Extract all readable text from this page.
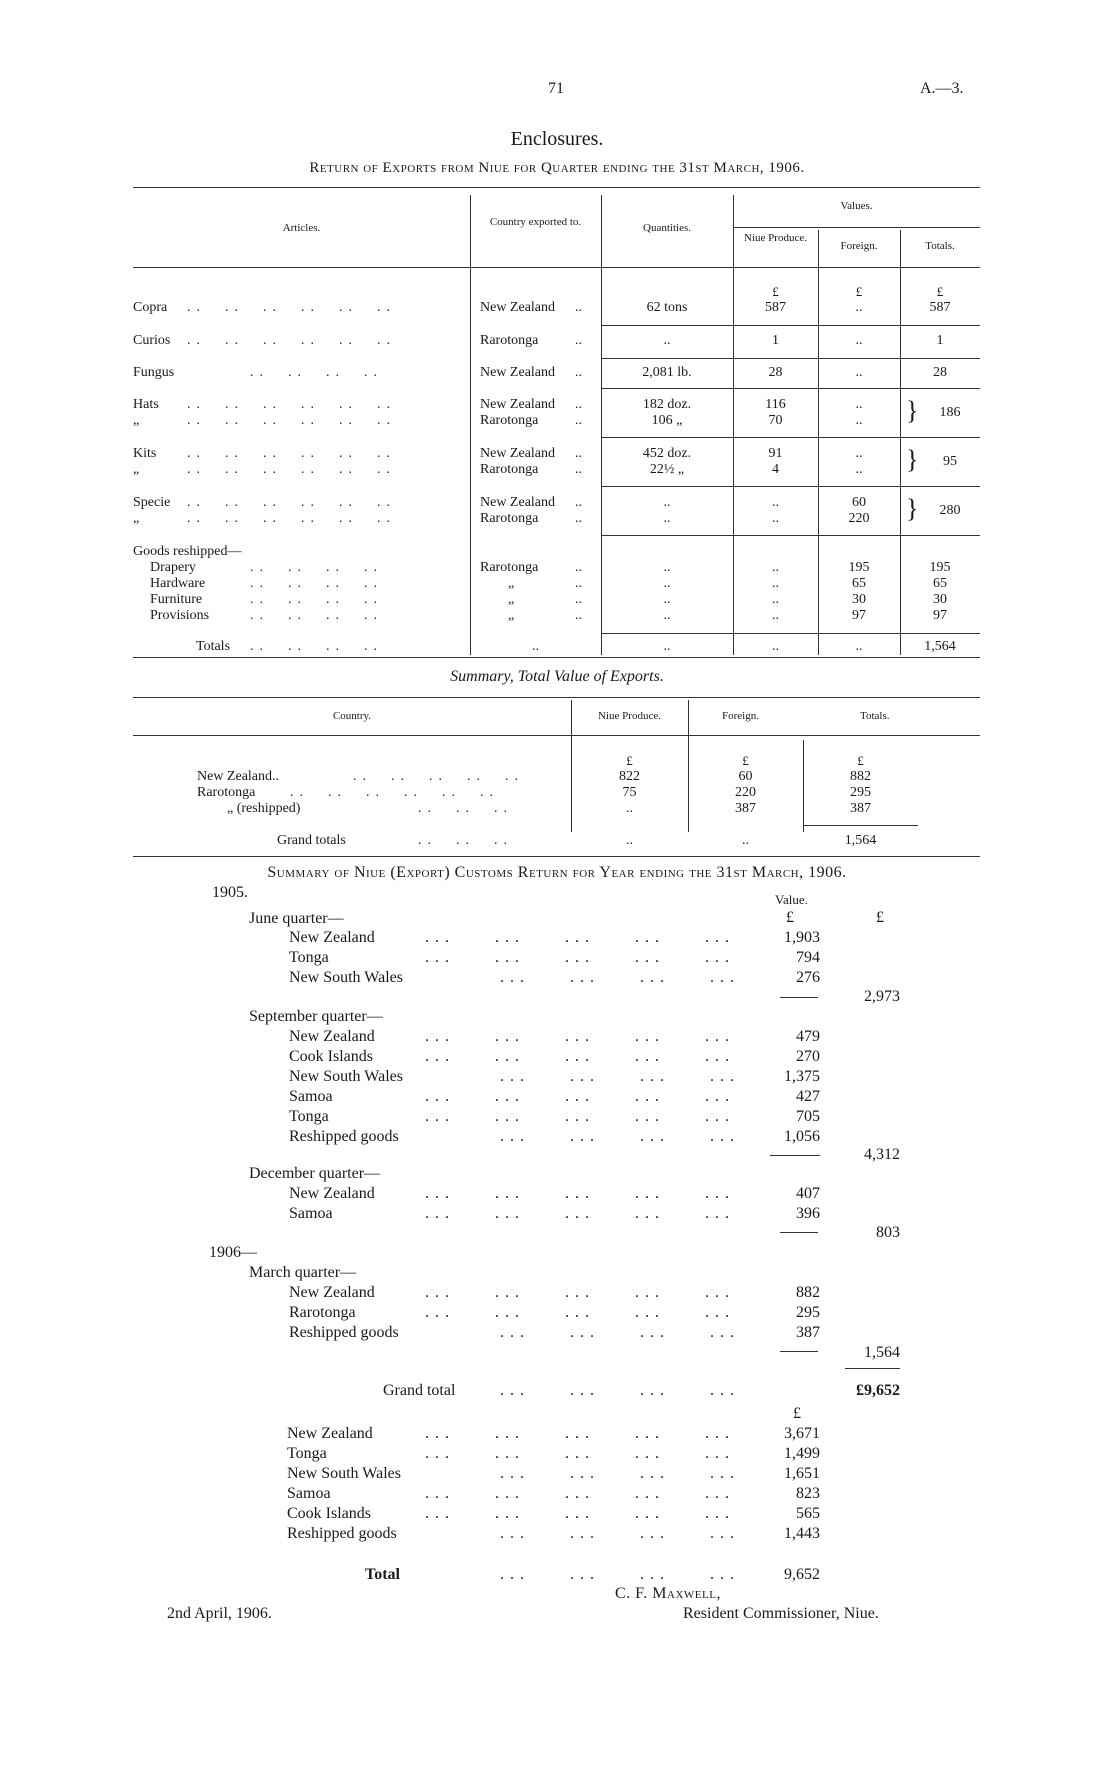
71	A.—3.
Enclosures.
Return of Exports from Niue for Quarter ending the 31st March, 1906.
Articles.	Country exported to.	Quantities.
Values.
Niue Produce.
Foreign.	Totals.
£	£	£
Copra ..  ..  ..  ..  ..  ..	New Zealand ..	62 tons	587	..	587
Curios ..  ..  ..  ..  ..  ..	Rarotonga	..	..	1	..	1
Fungus	..  ..  ..  ..	New Zealand ..	2,081 lb.	28	..	28
Hats ..  ..  ..  ..  ..  ..	New Zealand ..	182 doz.	116	..	}	186
„	..  ..  ..  ..  ..  ..	Rarotonga	..	106 „	70	..
Kits ..  ..  ..  ..  ..  ..	New Zealand ..	452 doz.	91	..	}	95
„	..  ..  ..  ..  ..  ..	Rarotonga	..	22½ „	4	..
Specie ..  ..  ..  ..  ..  ..	New Zealand ..	..	..	60	}	280
„	..  ..  ..  ..  ..  ..	Rarotonga	..	..	..	220
Goods reshipped—
Drapery	..  ..  ..  ..	Rarotonga	..	..	..	195	195
Hardware	..  ..  ..  ..	„	..	..	..	65	65
Furniture	..  ..  ..  ..	„	..	..	..	30	30
Provisions	..  ..  ..  ..	„	..	..	..	97	97
Totals ..  ..  ..  ..	..	..	..	..	1,564
Summary, Total Value of Exports.
Country.	Niue Produce.	Foreign.	Totals.
£	£	£
New Zealand..	..  ..  ..  ..  ..	822	60	882
Rarotonga ..  ..  ..  ..  ..  ..	75	220	295
„ (reshipped)	..  ..  ..	..	387	387
Grand totals	..  ..  ..	..	..	1,564
Summary of Niue (Export) Customs Return for Year ending the 31st March, 1906.
1905.	Value.
£	£
June quarter—
New Zealand	...    ...    ...    ...    ...	1,903
Tonga	...    ...    ...    ...    ...	794
New South Wales	...    ...    ...    ...	276
2,973
September quarter—
New Zealand	...    ...    ...    ...    ...	479
Cook Islands	...    ...    ...    ...    ...	270
New South Wales	...    ...    ...    ...	1,375
Samoa	...    ...    ...    ...    ...	427
Tonga	...    ...    ...    ...    ...	705
Reshipped goods	...    ...    ...    ...	1,056
4,312
December quarter—
New Zealand	...    ...    ...    ...    ...	407
Samoa	...    ...    ...    ...    ...	396
803
1906—
March quarter—
New Zealand	...    ...    ...    ...    ...	882
Rarotonga	...    ...    ...    ...    ...	295
Reshipped goods	...    ...    ...    ...	387
1,564
Grand total	...    ...    ...    ...	£9,652
£
New Zealand	...    ...    ...    ...    ...	3,671
Tonga	...    ...    ...    ...    ...	1,499
New South Wales	...    ...    ...    ...	1,651
Samoa	...    ...    ...    ...    ...	823
Cook Islands	...    ...    ...    ...    ...	565
Reshipped goods	...    ...    ...    ...	1,443
Total	...    ...    ...    ...	9,652
C. F. Maxwell,
2nd April, 1906.	Resident Commissioner, Niue.
